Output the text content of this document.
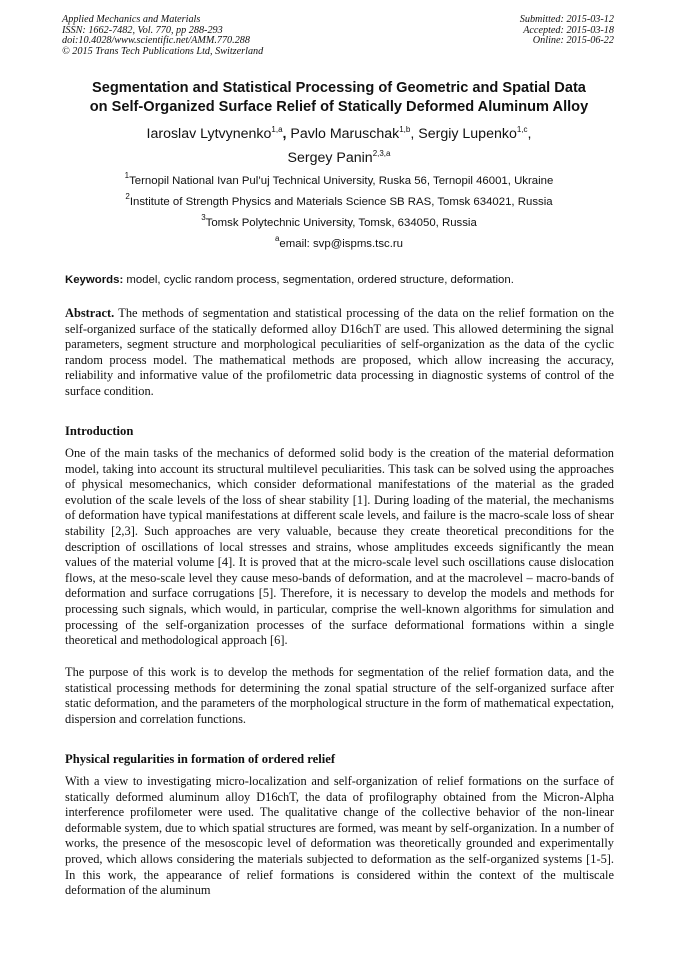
Applied Mechanics and Materials
ISSN: 1662-7482, Vol. 770, pp 288-293
doi:10.4028/www.scientific.net/AMM.770.288
© 2015 Trans Tech Publications Ltd, Switzerland
Submitted: 2015-03-12
Accepted: 2015-03-18
Online: 2015-06-22
Segmentation and Statistical Processing of Geometric and Spatial Data
on Self-Organized Surface Relief of Statically Deformed Aluminum Alloy
Iaroslav Lytvynenko$^{1,a}$, Pavlo Maruschak$^{1,b}$, Sergiy Lupenko$^{1,c}$,
Sergey Panin$^{2,3,a}$
$^1$Ternopil National Ivan Pul’uj Technical University, Ruska 56, Ternopil 46001, Ukraine
$^2$Institute of Strength Physics and Materials Science SB RAS, Tomsk 634021, Russia
$^3$Tomsk Polytechnic University, Tomsk, 634050, Russia
$^a$email: svp@ispms.tsc.ru
Keywords: model, cyclic random process, segmentation, ordered structure, deformation.

Abstract. The methods of segmentation and statistical processing of the data on the relief formation on the self-organized surface of the statically deformed alloy D16chT are used. This allowed determining the signal parameters, segment structure and morphological peculiarities of self-organization as the data of the cyclic random process model. The mathematical methods are proposed, which allow increasing the accuracy, reliability and informative value of the profilometric data processing in diagnostic systems of control of the surface condition.

Introduction

One of the main tasks of the mechanics of deformed solid body is the creation of the material deformation model, taking into account its structural multilevel peculiarities. This task can be solved using the approaches of physical mesomechanics, which consider deformational manifestations of the material as the graded evolution of the scale levels of the loss of shear stability [1]. During loading of the material, the mechanisms of deformation have typical manifestations at different scale levels, and failure is the macro-scale loss of shear stability [2,3]. Such approaches are very valuable, because they create theoretical preconditions for the description of oscillations of local stresses and strains, whose amplitudes exceeds significantly the mean values of the material volume [4]. It is proved that at the micro-scale level such oscillations cause dislocation flows, at the meso-scale level they cause meso-bands of deformation, and at the macrolevel – macro-bands of deformation and surface corrugations [5]. Therefore, it is necessary to develop the models and methods for processing such signals, which would, in particular, comprise the well-known algorithms for simulation and processing of the self-organization processes of the surface deformational formations within a single theoretical and methodological approach [6].

The purpose of this work is to develop the methods for segmentation of the relief formation data, and the statistical processing methods for determining the zonal spatial structure of the self-organized surface after static deformation, and the parameters of the morphological structure in the form of mathematical expectation, dispersion and correlation functions.

Physical regularities in formation of ordered relief

With a view to investigating micro-localization and self-organization of relief formations on the surface of statically deformed aluminum alloy D16chT, the data of profilography obtained from the Micron-Alpha interference profilometer were used. The qualitative change of the collective behavior of the non-linear deformable system, due to which spatial structures are formed, was meant by self-organization. In a number of works, the presence of the mesoscopic level of deformation was theoretically grounded and experimentally proved, which allows considering the materials subjected to deformation as the self-organized systems [1-5]. In this work, the appearance of relief formations is considered within the context of the multiscale deformation of the aluminum
